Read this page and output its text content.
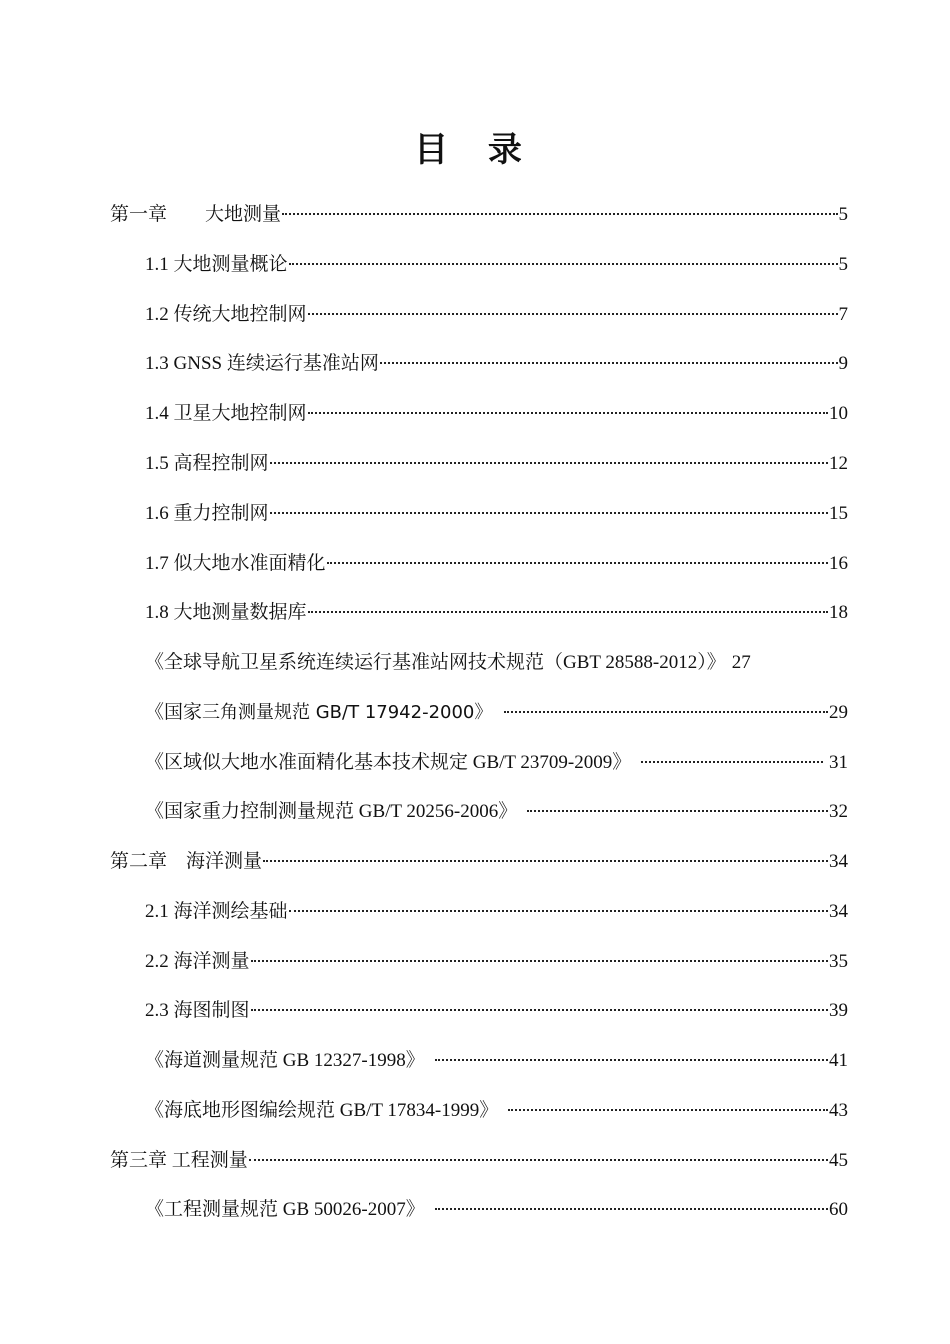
目 录
第一章　　大地测量	5
1.1 大地测量概论	5
1.2 传统大地控制网	7
1.3 GNSS 连续运行基准站网	9
1.4 卫星大地控制网	10
1.5 高程控制网	12
1.6 重力控制网	15
1.7 似大地水准面精化	16
1.8 大地测量数据库	18
《全球导航卫星系统连续运行基准站网技术规范（GBT 28588-2012）》 27
《国家三角测量规范 GB/T 17942-2000》	29
《区域似大地水准面精化基本技术规定 GB/T 23709-2009》	31
《国家重力控制测量规范 GB/T 20256-2006》	32
第二章　海洋测量	34
2.1 海洋测绘基础	34
2.2 海洋测量	35
2.3 海图制图	39
《海道测量规范 GB 12327-1998》	41
《海底地形图编绘规范 GB/T 17834-1999》	43
第三章 工程测量	45
《工程测量规范 GB 50026-2007》	60
